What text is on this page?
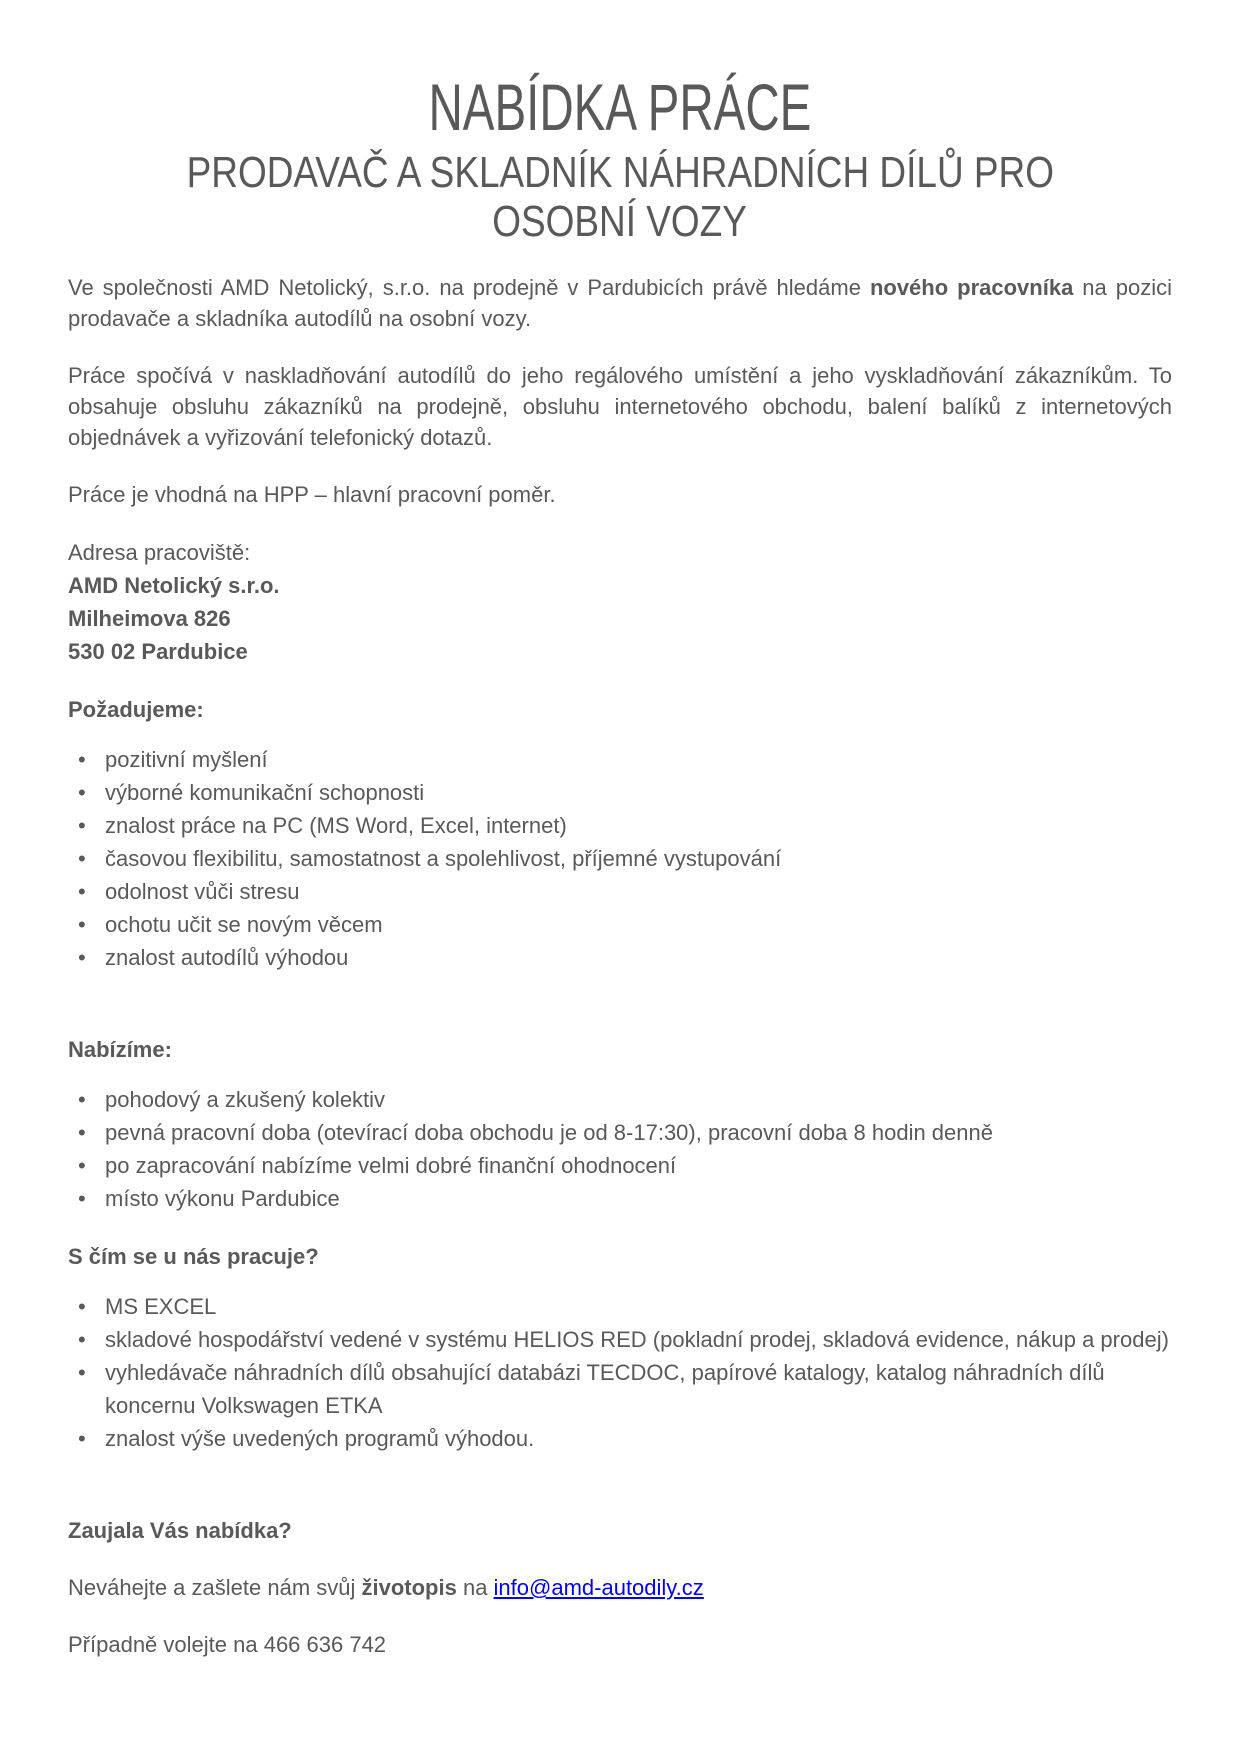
NABÍDKA PRÁCE
PRODAVAČ A SKLADNÍK NÁHRADNÍCH DÍLŮ PRO
OSOBNÍ VOZY

Ve společnosti AMD Netolický, s.r.o. na prodejně v Pardubicích právě hledáme nového pracovníka na pozici prodavače a skladníka autodílů na osobní vozy.

Práce spočívá v naskladňování autodílů do jeho regálového umístění a jeho vyskladňování zákazníkům. To obsahuje obsluhu zákazníků na prodejně, obsluhu internetového obchodu, balení balíků z internetových objednávek a vyřizování telefonický dotazů.

Práce je vhodná na HPP – hlavní pracovní poměr.

Adresa pracoviště:
AMD Netolický s.r.o.
Milheimova 826
530 02 Pardubice
Požadujeme:
• pozitivní myšlení
• výborné komunikační schopnosti
• znalost práce na PC (MS Word, Excel, internet)
• časovou flexibilitu, samostatnost a spolehlivost, příjemné vystupování
• odolnost vůči stresu
• ochotu učit se novým věcem
• znalost autodílů výhodou
Nabízíme:
• pohodový a zkušený kolektiv
• pevná pracovní doba (otevírací doba obchodu je od 8-17:30), pracovní doba 8 hodin denně
• po zapracování nabízíme velmi dobré finanční ohodnocení
• místo výkonu Pardubice
S čím se u nás pracuje?
• MS EXCEL
• skladové hospodářství vedené v systému HELIOS RED (pokladní prodej, skladová evidence, nákup a prodej)
• vyhledávače náhradních dílů obsahující databázi TECDOC, papírové katalogy, katalog náhradních dílů koncernu Volkswagen ETKA
• znalost výše uvedených programů výhodou.
Zaujala Vás nabídka?

Neváhejte a zašlete nám svůj životopis na info@amd-autodily.cz

Případně volejte na 466 636 742
